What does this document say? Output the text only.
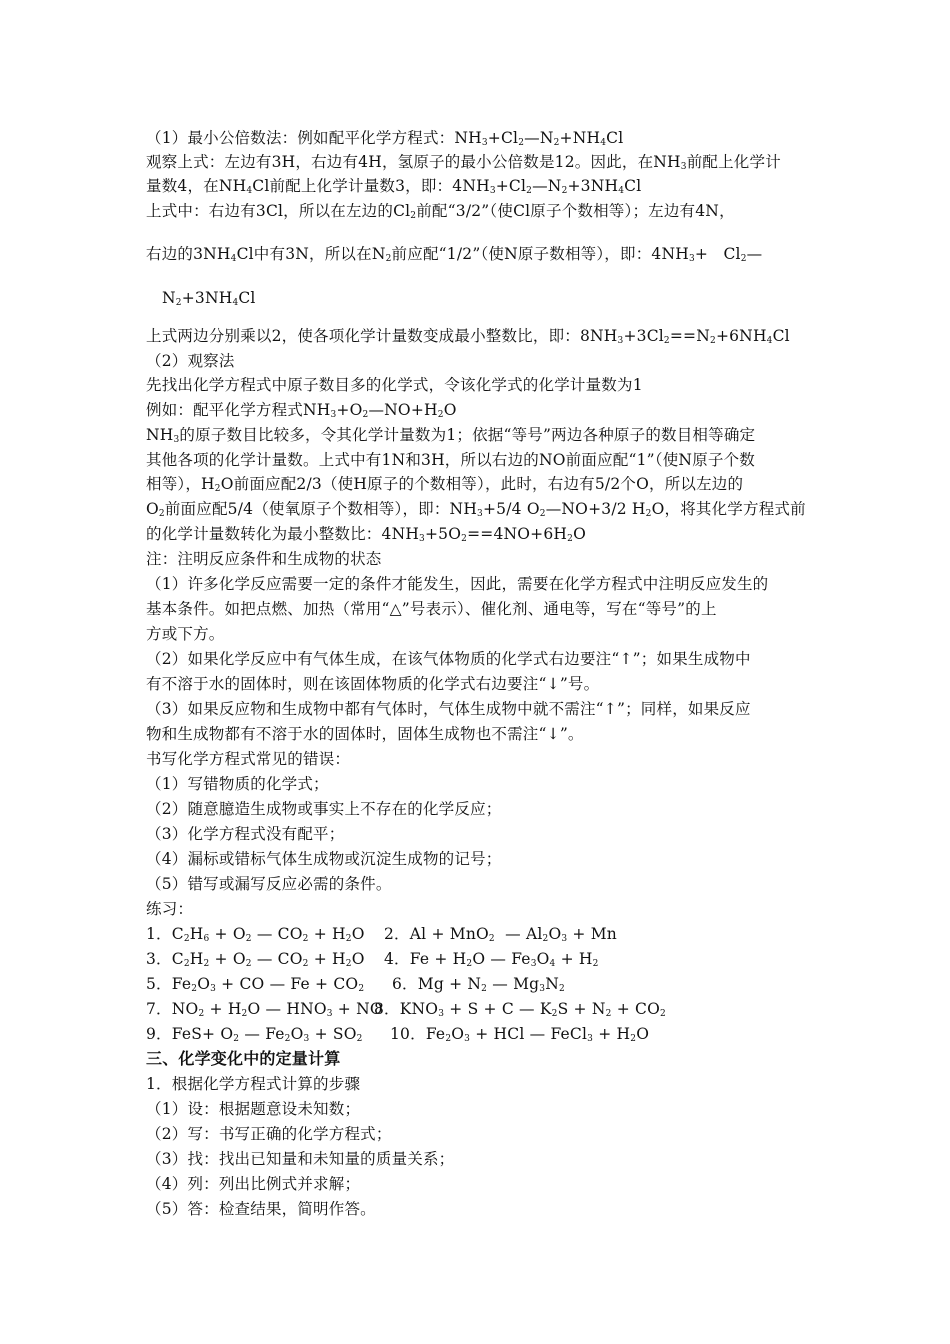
（1）最小公倍数法：例如配平化学方程式：$NH_3+Cl_2—N_2+NH_4Cl$
观察上式：左边有3H，右边有4H，氢原子的最小公倍数是12。因此，在$NH_3$前配上化学计
量数4，在$NH_4Cl$前配上化学计量数3，即：$4NH_3+Cl_2—N_2+3NH_4Cl$
上式中：右边有3Cl，所以在左边的$Cl_2$前配“3/2”（使Cl原子个数相等）；左边有4N，
右边的$3NH_4Cl$中有3N，所以在$N_2$前应配“1/2”（使N原子数相等），即：$4NH_3+$   $Cl_2—$
$N_2+3NH_4Cl$
上式两边分别乘以2，使各项化学计量数变成最小整数比，即：$8NH_3+3Cl_2==N_2+6NH_4Cl$
（2）观察法
先找出化学方程式中原子数目多的化学式，令该化学式的化学计量数为1
例如：配平化学方程式$NH_3+O_2—NO+H_2O$
$NH_3$的原子数目比较多，令其化学计量数为1；依据“等号”两边各种原子的数目相等确定
其他各项的化学计量数。上式中有1N和3H，所以右边的NO前面应配“1”（使N原子个数
相等），$H_2O$前面应配2/3（使H原子的个数相等），此时，右边有5/2个O，所以左边的
$O_2$前面应配5/4（使氧原子个数相等），即：$NH_3+5/4$ $O_2—NO+3/2$ $H_2O$，将其化学方程式前
的化学计量数转化为最小整数比：$4NH_3+5O_2==4NO+6H_2O$
注：注明反应条件和生成物的状态
（1）许多化学反应需要一定的条件才能发生，因此，需要在化学方程式中注明反应发生的
基本条件。如把点燃、加热（常用“△”号表示）、催化剂、通电等，写在“等号”的上
方或下方。
（2）如果化学反应中有气体生成，在该气体物质的化学式右边要注“↑”；如果生成物中
有不溶于水的固体时，则在该固体物质的化学式右边要注“↓”号。
（3）如果反应物和生成物中都有气体时，气体生成物中就不需注“↑”；同样，如果反应
物和生成物都有不溶于水的固体时，固体生成物也不需注“↓”。
书写化学方程式常见的错误：
（1）写错物质的化学式；
（2）随意臆造生成物或事实上不存在的化学反应；
（3）化学方程式没有配平；
（4）漏标或错标气体生成物或沉淀生成物的记号；
（5）错写或漏写反应必需的条件。
练习：
1．$C_2H_6 + O_2$ — $CO_2 + H_2O$ 2．Al + MnO$_2$  — $Al_2O_3 + Mn$
3．$C_2H_2 + O_2$ — $CO_2 + H_2O$ 4．$Fe + H_2O$ — $Fe_3O_4 + H_2$
5．$Fe_2O_3$ + CO — $Fe + CO_2$ 6．$Mg + N_2$ — $Mg_3N_2$
7．$NO_2 + H_2O$ — $HNO_3$ + NO
8．$KNO_3 + S + C$ — $K_2S + N_2 + CO_2$
9．$FeS+ O_2$ — $Fe_2O_3 + SO_2$ 10．$Fe_2O_3$ + HCl — FeCl$_3$ + $H_2O$
三、化学变化中的定量计算
1．根据化学方程式计算的步骤
（1）设：根据题意设未知数；
（2）写：书写正确的化学方程式；
（3）找：找出已知量和未知量的质量关系；
（4）列：列出比例式并求解；
（5）答：检查结果，简明作答。
